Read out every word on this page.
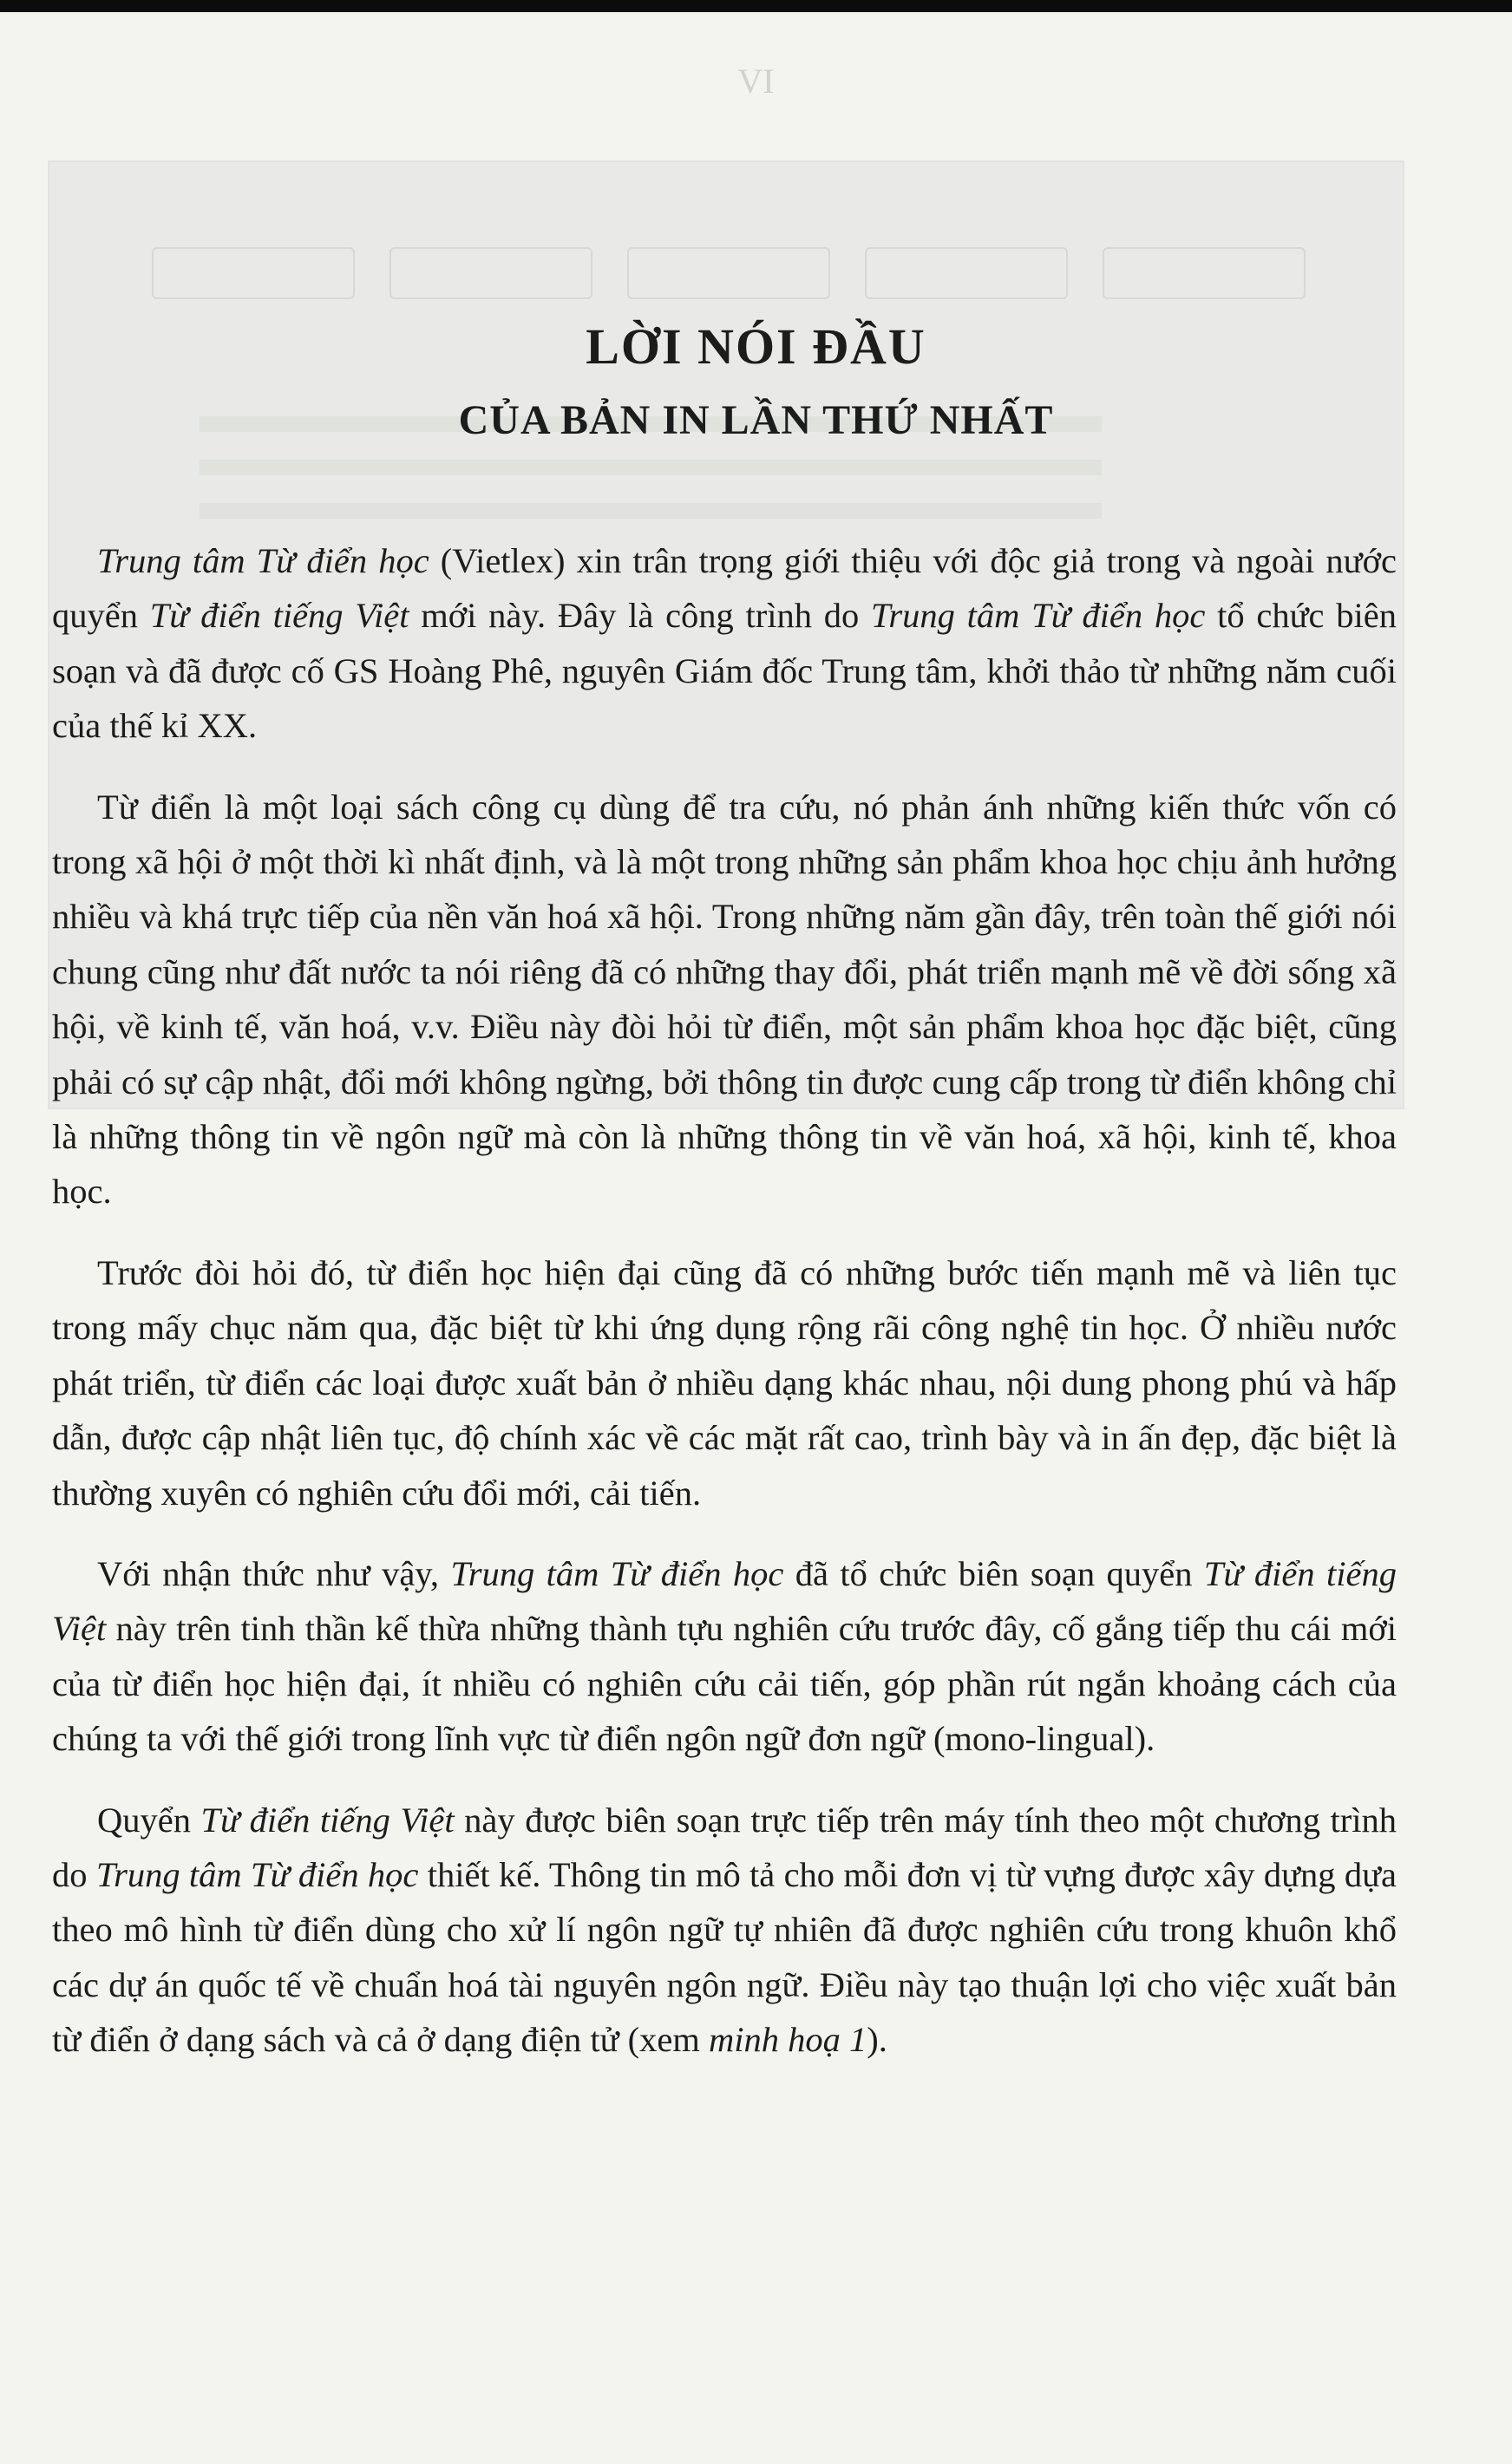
VI
LỜI NÓI ĐẦU
CỦA BẢN IN LẦN THỨ NHẤT

Trung tâm Từ điển học (Vietlex) xin trân trọng giới thiệu với độc giả trong và ngoài nước quyển Từ điển tiếng Việt mới này. Đây là công trình do Trung tâm Từ điển học tổ chức biên soạn và đã được cố GS Hoàng Phê, nguyên Giám đốc Trung tâm, khởi thảo từ những năm cuối của thế kỉ XX.

Từ điển là một loại sách công cụ dùng để tra cứu, nó phản ánh những kiến thức vốn có trong xã hội ở một thời kì nhất định, và là một trong những sản phẩm khoa học chịu ảnh hưởng nhiều và khá trực tiếp của nền văn hoá xã hội. Trong những năm gần đây, trên toàn thế giới nói chung cũng như đất nước ta nói riêng đã có những thay đổi, phát triển mạnh mẽ về đời sống xã hội, về kinh tế, văn hoá, v.v. Điều này đòi hỏi từ điển, một sản phẩm khoa học đặc biệt, cũng phải có sự cập nhật, đổi mới không ngừng, bởi thông tin được cung cấp trong từ điển không chỉ là những thông tin về ngôn ngữ mà còn là những thông tin về văn hoá, xã hội, kinh tế, khoa học.

Trước đòi hỏi đó, từ điển học hiện đại cũng đã có những bước tiến mạnh mẽ và liên tục trong mấy chục năm qua, đặc biệt từ khi ứng dụng rộng rãi công nghệ tin học. Ở nhiều nước phát triển, từ điển các loại được xuất bản ở nhiều dạng khác nhau, nội dung phong phú và hấp dẫn, được cập nhật liên tục, độ chính xác về các mặt rất cao, trình bày và in ấn đẹp, đặc biệt là thường xuyên có nghiên cứu đổi mới, cải tiến.

Với nhận thức như vậy, Trung tâm Từ điển học đã tổ chức biên soạn quyển Từ điển tiếng Việt này trên tinh thần kế thừa những thành tựu nghiên cứu trước đây, cố gắng tiếp thu cái mới của từ điển học hiện đại, ít nhiều có nghiên cứu cải tiến, góp phần rút ngắn khoảng cách của chúng ta với thế giới trong lĩnh vực từ điển ngôn ngữ đơn ngữ (mono-lingual).

Quyển Từ điển tiếng Việt này được biên soạn trực tiếp trên máy tính theo một chương trình do Trung tâm Từ điển học thiết kế. Thông tin mô tả cho mỗi đơn vị từ vựng được xây dựng dựa theo mô hình từ điển dùng cho xử lí ngôn ngữ tự nhiên đã được nghiên cứu trong khuôn khổ các dự án quốc tế về chuẩn hoá tài nguyên ngôn ngữ. Điều này tạo thuận lợi cho việc xuất bản từ điển ở dạng sách và cả ở dạng điện tử (xem minh hoạ 1).
